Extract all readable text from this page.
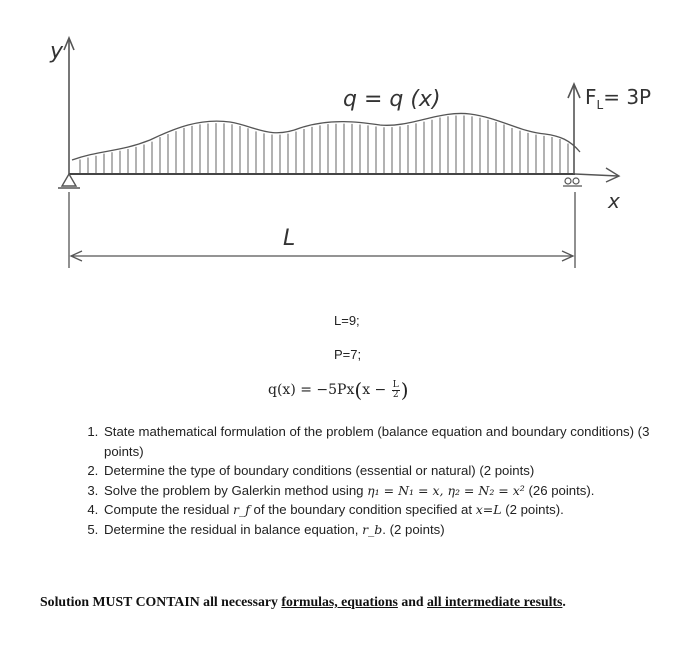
y
x
$F_L= 3P$
q = q (x)
L
L=9;
P=7;
$q(x) = -5Px(x - \frac{L}{2}$ )
1. State mathematical formulation of the problem (balance equation and boundary conditions) (3 points)
2. Determine the type of boundary conditions (essential or natural) (2 points)
3. Solve the problem by Galerkin method using η₁ = N₁ = x, η₂ = N₂ = x² (26 points).
4. Compute the residual r_f of the boundary condition specified at x=L (2 points).
5. Determine the residual in balance equation, r_b. (2 points)
Solution MUST CONTAIN all necessary formulas, equations and all intermediate results.
